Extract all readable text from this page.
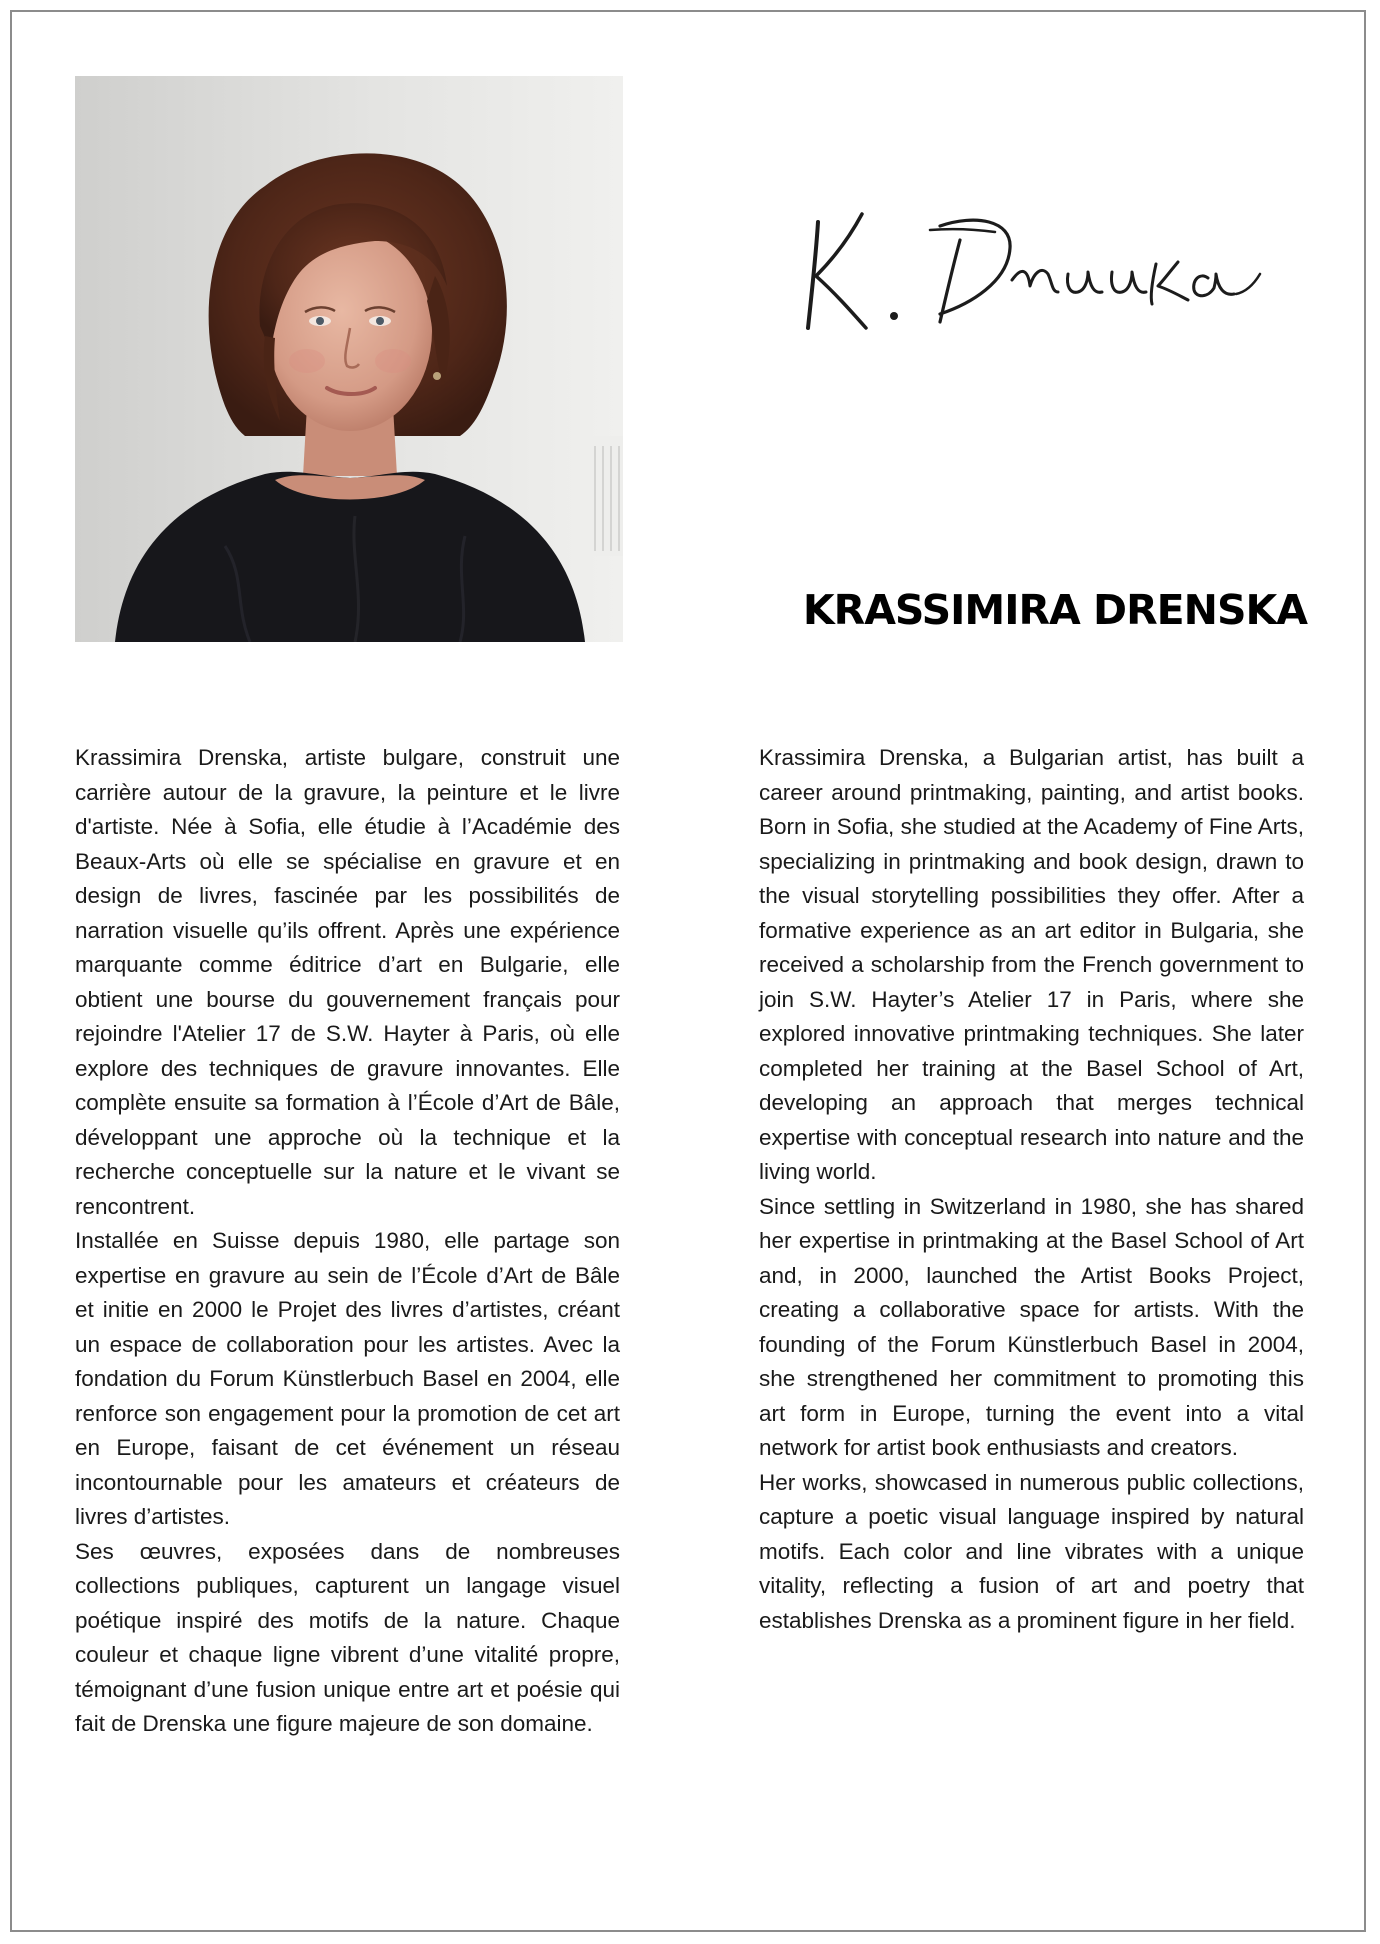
KRASSIMIRA DRENSKA

Krassimira Drenska, artiste bulgare, construit une carrière autour de la gravure, la peinture et le livre d'artiste. Née à Sofia, elle étudie à l’Académie des Beaux-Arts où elle se spécialise en gravure et en design de livres, fascinée par les possibilités de narration visuelle qu’ils offrent. Après une expérience marquante comme éditrice d’art en Bulgarie, elle obtient une bourse du gouvernement français pour rejoindre l'Atelier 17 de S.W. Hayter à Paris, où elle explore des techniques de gravure innovantes. Elle complète ensuite sa formation à l’École d’Art de Bâle, développant une approche où la technique et la recherche conceptuelle sur la nature et le vivant se rencontrent.

Installée en Suisse depuis 1980, elle partage son expertise en gravure au sein de l’École d’Art de Bâle et initie en 2000 le Projet des livres d’artistes, créant un espace de collaboration pour les artistes. Avec la fondation du Forum Künstlerbuch Basel en 2004, elle renforce son engagement pour la promotion de cet art en Europe, faisant de cet événement un réseau incontournable pour les amateurs et créateurs de livres d’artistes.

Ses œuvres, exposées dans de nombreuses collections publiques, capturent un langage visuel poétique inspiré des motifs de la nature. Chaque couleur et chaque ligne vibrent d’une vitalité propre, témoignant d’une fusion unique entre art et poésie qui fait de Drenska une figure majeure de son domaine.

Krassimira Drenska, a Bulgarian artist, has built a career around printmaking, painting, and artist books. Born in Sofia, she studied at the Academy of Fine Arts, specializing in printmaking and book design, drawn to the visual storytelling possibilities they offer. After a formative experience as an art editor in Bulgaria, she received a scholarship from the French government to join S.W. Hayter’s Atelier 17 in Paris, where she explored innovative printmaking techniques. She later completed her training at the Basel School of Art, developing an approach that merges technical expertise with conceptual research into nature and the living world.

Since settling in Switzerland in 1980, she has shared her expertise in printmaking at the Basel School of Art and, in 2000, launched the Artist Books Project, creating a collaborative space for artists. With the founding of the Forum Künstlerbuch Basel in 2004, she strengthened her commitment to promoting this art form in Europe, turning the event into a vital network for artist book enthusiasts and creators.

Her works, showcased in numerous public collections, capture a poetic visual language inspired by natural motifs. Each color and line vibrates with a unique vitality, reflecting a fusion of art and poetry that establishes Drenska as a prominent figure in her field.
